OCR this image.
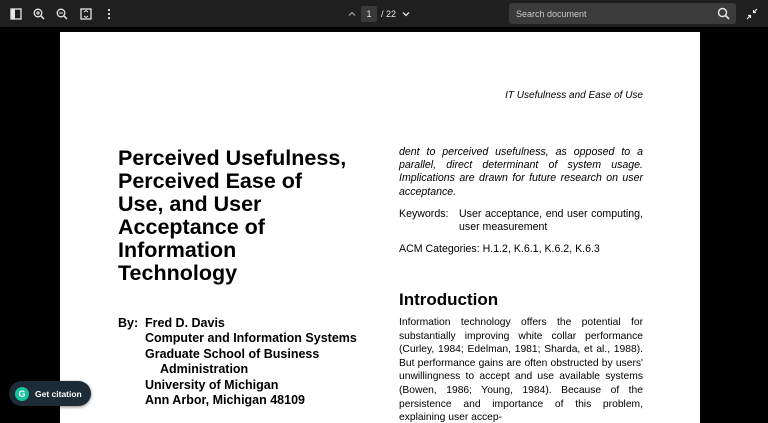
1	/ 22
Search document
IT Usefulness and Ease of Use
Perceived Usefulness,
Perceived Ease of
Use, and User
Acceptance of
Information
Technology
By: Fred D. Davis
Computer and Information Systems
Graduate School of Business
Administration
University of Michigan
Ann Arbor, Michigan 48109
dent to perceived usefulness, as opposed to a parallel, direct determinant of system usage. Implications are drawn for future research on user acceptance.
Keywords: User acceptance, end user computing, user measurement
ACM Categories: H.1.2, K.6.1, K.6.2, K.6.3
Introduction
Information technology offers the potential for substantially improving white collar performance (Curley, 1984; Edelman, 1981; Sharda, et al., 1988). But performance gains are often obstructed by users' unwillingness to accept and use available systems (Bowen, 1986; Young, 1984). Because of the persistence and importance of this problem, explaining user accep-
G	Get citation
